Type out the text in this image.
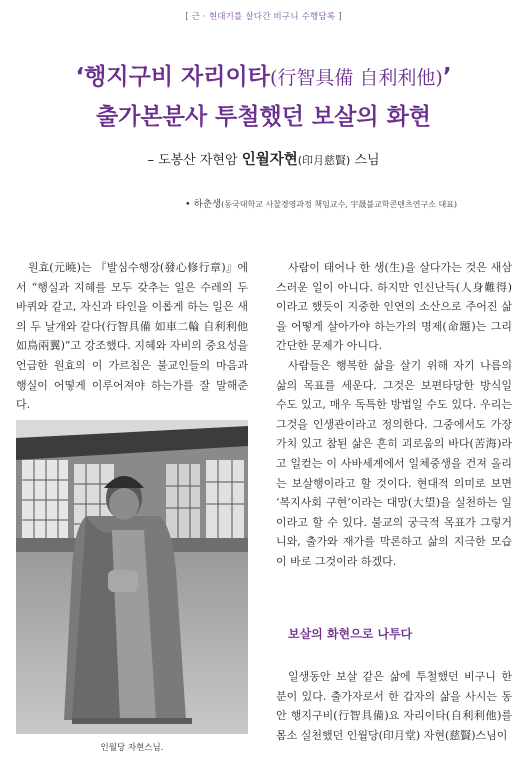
[ 근 · 현대기를 살다간 비구니 수행담록 ]
‘행지구비 자리이타(行智具備 自利利他)’
출가본분사 투철했던 보살의 화현
– 도봉산 자현암 인월자현(印月慈賢) 스님
• 하춘생(동국대학교 사찰경영과정 책임교수, 宇晟불교학콘텐츠연구소 대표)

원효(元曉)는 『발심수행장(發心修行章)』에서 “행실과 지혜를 모두 갖추는 일은 수레의 두 바퀴와 같고, 자신과 타인을 이롭게 하는 일은 새의 두 날개와 같다(行智具備 如車二輪 自利利他 如鳥兩翼)”고 강조했다. 지혜와 자비의 중요성을 언급한 원효의 이 가르침은 불교인들의 마음과 행실이 어떻게 이루어져야 하는가를 잘 말해준다.

인월당 자현스님.

사람이 태어나 한 생(生)을 살다가는 것은 새삼스러운 일이 아니다. 하지만 인신난득(人身難得)이라고 했듯이 지중한 인연의 소산으로 주어진 삶을 어떻게 살아가야 하는가의 명제(命題)는 그리 간단한 문제가 아니다.

사람들은 행복한 삶을 살기 위해 자기 나름의 삶의 목표를 세운다. 그것은 보편타당한 방식일 수도 있고, 매우 독특한 방법일 수도 있다. 우리는 그것을 인생관이라고 정의한다. 그중에서도 가장 가치 있고 참된 삶은 흔히 괴로움의 바다(苦海)라고 일컫는 이 사바세계에서 일체중생을 건져 올리는 보살행이라고 할 것이다. 현대적 의미로 보면 ‘복지사회 구현’이라는 대망(大望)을 실천하는 일이라고 할 수 있다. 불교의 궁극적 목표가 그렇거니와, 출가와 재가를 막론하고 삶의 지극한 모습이 바로 그것이라 하겠다.

보살의 화현으로 나투다

일생동안 보살 같은 삶에 투철했던 비구니 한 분이 있다. 출가자로서 한 갑자의 삶을 사시는 동안 행지구비(行智具備)요 자리이타(自利利他)를 몸소 실천했던 인월당(印月堂) 자현(慈賢)스님이
